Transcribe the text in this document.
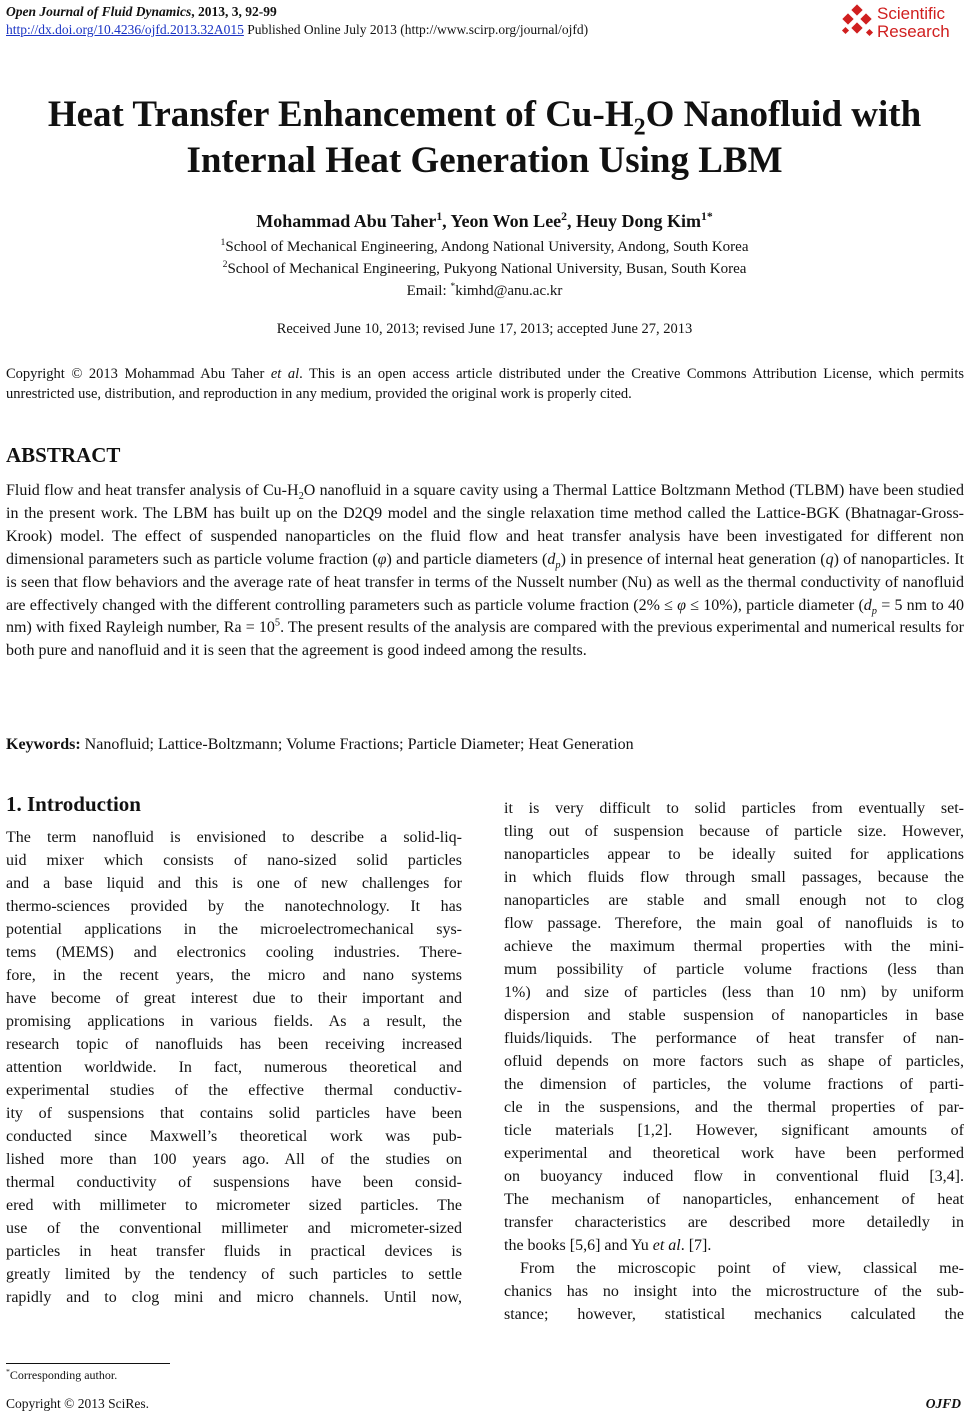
Open Journal of Fluid Dynamics, 2013, 3, 92-99
http://dx.doi.org/10.4236/ojfd.2013.32A015 Published Online July 2013 (http://www.scirp.org/journal/ojfd)
Scientific
Research
Heat Transfer Enhancement of $Cu-H_2O$ Nanofluid with
Internal Heat Generation Using LBM
Mohammad Abu Taher$^1$, Yeon Won Lee$^2$, Heuy Dong Kim$^{1*}$
$^1$School of Mechanical Engineering, Andong National University, Andong, South Korea
$^2$School of Mechanical Engineering, Pukyong National University, Busan, South Korea
Email: *kimhd@anu.ac.kr
Received June 10, 2013; revised June 17, 2013; accepted June 27, 2013
Copyright © 2013 Mohammad Abu Taher et al. This is an open access article distributed under the Creative Commons Attribution License, which permits unrestricted use, distribution, and reproduction in any medium, provided the original work is properly cited.
ABSTRACT
Fluid flow and heat transfer analysis of $Cu-H_2O$ nanofluid in a square cavity using a Thermal Lattice Boltzmann Method (TLBM) have been studied in the present work. The LBM has built up on the D2Q9 model and the single relaxation time method called the Lattice-BGK (Bhatnagar-Gross-Krook) model. The effect of suspended nanoparticles on the fluid flow and heat transfer analysis have been investigated for different non dimensional parameters such as particle volume fraction (φ) and particle diameters $(d_p)$ in presence of internal heat generation (q) of nanoparticles. It is seen that flow behaviors and the average rate of heat transfer in terms of the Nusselt number (Nu) as well as the thermal conductivity of nanofluid are effectively changed with the different controlling parameters such as particle volume fraction (2% ≤ φ ≤ 10%), particle diameter ($d_p = 5$ nm to 40 nm) with fixed Rayleigh number, $Ra = 10^5$. The present results of the analysis are compared with the previous experimental and numerical results for both pure and nanofluid and it is seen that the agreement is good indeed among the results.
Keywords: Nanofluid; Lattice-Boltzmann; Volume Fractions; Particle Diameter; Heat Generation
1. Introduction

The term nanofluid is envisioned to describe a solid-liq-

uid mixer which consists of nano-sized solid particles

and a base liquid and this is one of new challenges for

thermo-sciences provided by the nanotechnology. It has

potential applications in the microelectromechanical sys-

tems (MEMS) and electronics cooling industries. There-

fore, in the recent years, the micro and nano systems

have become of great interest due to their important and

promising applications in various fields. As a result, the

research topic of nanofluids has been receiving increased

attention worldwide. In fact, numerous theoretical and

experimental studies of the effective thermal conductiv-

ity of suspensions that contains solid particles have been

conducted since Maxwell’s theoretical work was pub-

lished more than 100 years ago. All of the studies on

thermal conductivity of suspensions have been consid-

ered with millimeter to micrometer sized particles. The

use of the conventional millimeter and micrometer-sized

particles in heat transfer fluids in practical devices is

greatly limited by the tendency of such particles to settle

rapidly and to clog mini and micro channels. Until now,

it is very difficult to solid particles from eventually set-

tling out of suspension because of particle size. However,

nanoparticles appear to be ideally suited for applications

in which fluids flow through small passages, because the

nanoparticles are stable and small enough not to clog

flow passage. Therefore, the main goal of nanofluids is to

achieve the maximum thermal properties with the mini-

mum possibility of particle volume fractions (less than

1%) and size of particles (less than 10 nm) by uniform

dispersion and stable suspension of nanoparticles in base

fluids/liquids. The performance of heat transfer of nan-

ofluid depends on more factors such as shape of particles,

the dimension of particles, the volume fractions of parti-

cle in the suspensions, and the thermal properties of par-

ticle materials [1,2]. However, significant amounts of

experimental and theoretical work have been performed

on buoyancy induced flow in conventional fluid [3,4].

The mechanism of nanoparticles, enhancement of heat

transfer characteristics are described more detailedly in

the books [5,6] and Yu et al. [7].

From the microscopic point of view, classical me-

chanics has no insight into the microstructure of the sub-

stance; however, statistical mechanics calculated the

*Corresponding author.
Copyright © 2013 SciRes.	OJFD
